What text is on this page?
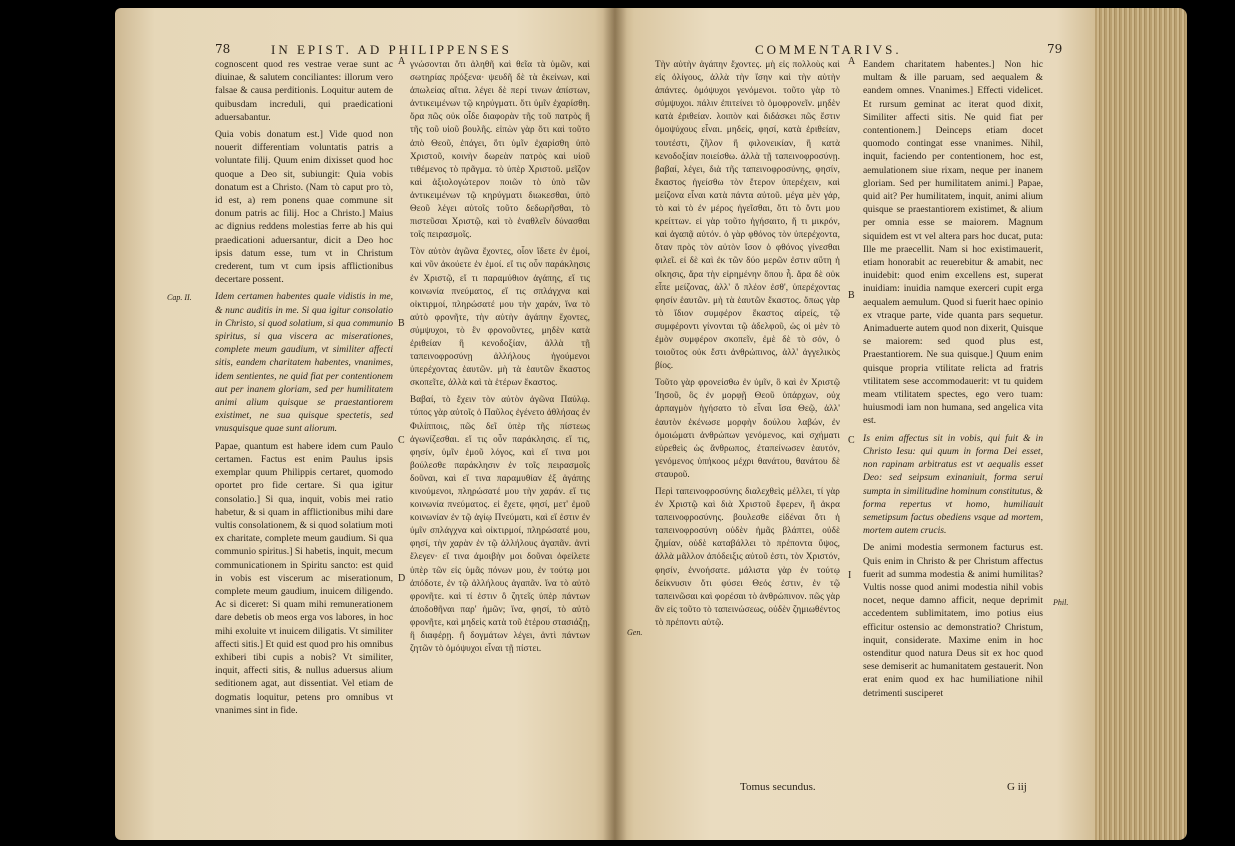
78	IN EPIST. AD PHILIPPENSES

cognoscent quod res vestrae verae sunt ac diuinae, & salutem conciliantes: illorum vero falsae & causa perditionis. Loquitur autem de quibusdam increduli, qui praedicationi aduersabantur.

Quia vobis donatum est.] Vide quod non nouerit differentiam voluntatis patris a voluntate filij. Quum enim dixisset quod hoc quoque a Deo sit, subiungit: Quia vobis donatum est a Christo. (Nam τὸ caput pro τὸ, id est, a) rem ponens quae commune sit donum patris ac filij. Hoc a Christo.] Maius ac dignius reddens molestias ferre ab his qui praedicationi aduersantur, dicit a Deo hoc ipsis datum esse, tum vt in Christum crederent, tum vt cum ipsis afflictionibus decertare possent.

Idem certamen habentes quale vidistis in me, & nunc auditis in me. Si qua igitur consolatio in Christo, si quod solatium, si qua communio spiritus, si qua viscera ac miserationes, complete meum gaudium, vt similiter affecti sitis, eandem charitatem habentes, vnanimes, idem sentientes, ne quid fiat per contentionem aut per inanem gloriam, sed per humilitatem animi alium quisque se praestantiorem existimet, ne sua quisque spectetis, sed vnusquisque quae sunt aliorum.

Papae, quantum est habere idem cum Paulo certamen. Factus est enim Paulus ipsis exemplar quum Philippis certaret, quomodo oportet pro fide certare. Si qua igitur consolatio.] Si qua, inquit, vobis mei ratio habetur, & si quam in afflictionibus mihi dare vultis consolationem, & si quod solatium moti ex charitate, complete meum gaudium. Si qua communio spiritus.] Si habetis, inquit, mecum communicationem in Spiritu sancto: est quid in vobis est viscerum ac miserationum, complete meum gaudium, inuicem diligendo. Ac si diceret: Si quam mihi remunerationem dare debetis ob meos erga vos labores, in hoc mihi exoluite vt inuicem diligatis. Vt similiter affecti sitis.] Et quid est quod pro his omnibus exhiberi tibi cupis a nobis? Vt similiter, inquit, affecti sitis, & nullus aduersus alium seditionem agat, aut dissentiat. Vel etiam de dogmatis loquitur, petens pro omnibus vt vnanimes sint in fide.

γνώσονται ὅτι ἀληθῆ καὶ θεῖα τὰ ὑμῶν, καὶ σωτηρίας πρόξενα· ψευδῆ δὲ τὰ ἐκείνων, καὶ ἀπωλείας αἴτια. λέγει δὲ περί τινων ἀπίστων, ἀντικειμένων τῷ κηρύγματι. ὅτι ὑμῖν ἐχαρίσθη. ὅρα πῶς οὐκ οἶδε διαφορὰν τῆς τοῦ πατρὸς ἢ τῆς τοῦ υἱοῦ βουλῆς. εἰπὼν γὰρ ὅτι καὶ τοῦτο ἀπὸ Θεοῦ, ἐπάγει, ὅτι ὑμῖν ἐχαρίσθη ὑπὸ Χριστοῦ, κοινὴν δωρεὰν πατρὸς καὶ υἱοῦ τιθέμενος τὸ πρᾶγμα. τὸ ὑπὲρ Χριστοῦ. μεῖζον καὶ ἀξιολογώτερον ποιῶν τὸ ὑπὸ τῶν ἀντικειμένων τῷ κηρύγματι διωκεσθαι, ὑπὸ Θεοῦ λέγει αὐτοῖς τοῦτο δεδωρῆσθαι, τὸ πιστεῦσαι Χριστῷ, καὶ τὸ ἐναθλεῖν δύνασθαι τοῖς πειρασμοῖς.

Τὸν αὐτὸν ἀγῶνα ἔχοντες, οἷον ἴδετε ἐν ἐμοί, καὶ νῦν ἀκούετε ἐν ἐμοί. εἴ τις οὖν παράκλησις ἐν Χριστῷ, εἴ τι παραμύθιον ἀγάπης, εἴ τις κοινωνία πνεύματος, εἴ τις σπλάγχνα καὶ οἰκτιρμοί, πληρώσατέ μου τὴν χαράν, ἵνα τὸ αὐτὸ φρονῆτε, τὴν αὐτὴν ἀγάπην ἔχοντες, σύμψυχοι, τὸ ἓν φρονοῦντες, μηδὲν κατὰ ἐριθείαν ἢ κενοδοξίαν, ἀλλὰ τῇ ταπεινοφροσύνῃ ἀλλήλους ἡγούμενοι ὑπερέχοντας ἑαυτῶν. μὴ τὰ ἑαυτῶν ἕκαστος σκοπεῖτε, ἀλλὰ καὶ τὰ ἑτέρων ἕκαστος.

Βαβαί, τὸ ἔχειν τὸν αὐτὸν ἀγῶνα Παύλῳ. τύπος γὰρ αὐτοῖς ὁ Παῦλος ἐγένετο ἀθλήσας ἐν Φιλίπποις, πῶς δεῖ ὑπὲρ τῆς πίστεως ἀγωνίζεσθαι. εἴ τις οὖν παράκλησις. εἴ τις, φησίν, ὑμῖν ἐμοῦ λόγος, καὶ εἴ τινα μοι βούλεσθε παράκλησιν ἐν τοῖς πειρασμοῖς δοῦναι, καὶ εἴ τινα παραμυθίαν ἐξ ἀγάπης κινούμενοι, πληρώσατέ μου τὴν χαράν. εἴ τις κοινωνία πνεύματος. εἰ ἔχετε, φησί, μετ' ἐμοῦ κοινωνίαν ἐν τῷ ἁγίῳ Πνεύματι, καὶ εἴ ἐστιν ἐν ὑμῖν σπλάγχνα καὶ οἰκτιρμοί, πληρώσατέ μου, φησί, τὴν χαρὰν ἐν τῷ ἀλλήλους ἀγαπᾶν. ἀντὶ ἔλεγεν· εἴ τινα ἀμοιβὴν μοι δοῦναι ὀφείλετε ὑπὲρ τῶν εἰς ὑμᾶς πόνων μου, ἐν τούτῳ μοι ἀπόδοτε, ἐν τῷ ἀλλήλους ἀγαπᾶν. ἵνα τὸ αὐτὸ φρονῆτε. καὶ τί ἐστιν ὃ ζητεῖς ὑπὲρ πάντων ἀποδοθῆναι παρ' ἡμῶν; ἵνα, φησί, τὸ αὐτὸ φρονῆτε, καὶ μηδεὶς κατὰ τοῦ ἑτέρου στασιάζῃ, ἢ διαφέρῃ. ἢ δογμάτων λέγει, ἀντὶ πάντων ζητῶν τὸ ὁμόψυχοι εἶναι τῇ πίστει.

A
B
C
D
Cap. II.
COMMENTARIVS.	79

Τὴν αὐτὴν ἀγάπην ἔχοντες. μὴ εἰς πολλοὺς καὶ εἰς ὀλίγους, ἀλλὰ τὴν ἴσην καὶ τὴν αὐτὴν ἀπάντες. ὁμόψυχοι γενόμενοι. τοῦτο γὰρ τὸ σύμψυχοι. πάλιν ἐπιτείνει τὸ ὁμοφρονεῖν. μηδὲν κατὰ ἐριθείαν. λοιπὸν καὶ διδάσκει πῶς ἔστιν ὁμοψύχους εἶναι. μηδείς, φησί, κατὰ ἐριθείαν, τουτέστι, ζῆλον ἢ φιλονεικίαν, ἢ κατὰ κενοδοξίαν ποιείσθω. ἀλλὰ τῇ ταπεινοφροσύνῃ. βαβαί, λέγει, διὰ τῆς ταπεινοφροσύνης, φησίν, ἕκαστος ἡγείσθω τὸν ἕτερον ὑπερέχειν, καὶ μείζονα εἶναι κατὰ πάντα αὐτοῦ. μέγα μὲν γάρ, τὸ καὶ τὸ ἐν μέρος ἡγεῖσθαι, ὅτι τὸ ὄντι μου κρείττων. εἰ γὰρ τοῦτο ἡγήσαιτο, ἤ τι μικρόν, καὶ ἀγαπᾷ αὐτόν. ὁ γὰρ φθόνος τὸν ὑπερέχοντα, ὅταν πρὸς τὸν αὐτὸν ἴσον ὁ φθόνος γίνεσθαι φιλεῖ. εἰ δὲ καὶ ἐκ τῶν δύο μερῶν ἐστιν αὕτη ἡ οἴκησις, ἄρα τὴν εἰρημένην ὅπου ἦ. ἄρα δὲ οὐκ εἶπε μείζονας, ἀλλ' ὅ πλέον ἐσθ', ὑπερέχοντας φησίν ἑαυτῶν. μὴ τὰ ἑαυτῶν ἕκαστος. ὅπως γὰρ τὸ ἴδιον συμφέρον ἕκαστος αἰρείς, τῷ συμφέροντι γίνονται τῷ ἀδελφοῦ, ὡς οἱ μὲν τὸ ἐμὸν συμφέρον σκοπεῖν, ἐμὲ δὲ τὸ σόν, ὁ τοιοῦτος οὐκ ἔστι ἀνθρώπινος, ἀλλ' ἀγγελικὸς βίος.

Τοῦτο γὰρ φρονείσθω ἐν ὑμῖν, ὃ καὶ ἐν Χριστῷ Ἰησοῦ, ὃς ἐν μορφῇ Θεοῦ ὑπάρχων, οὐχ ἁρπαγμὸν ἡγήσατο τὸ εἶναι ἴσα Θεῷ, ἀλλ' ἑαυτὸν ἐκένωσε μορφὴν δούλου λαβών, ἐν ὁμοιώματι ἀνθρώπων γενόμενος, καὶ σχήματι εὑρεθεὶς ὡς ἄνθρωπος, ἐταπείνωσεν ἑαυτόν, γενόμενος ὑπήκοος μέχρι θανάτου, θανάτου δὲ σταυροῦ.

Περὶ ταπεινοφροσύνης διαλεχθεὶς μέλλει, τί γὰρ ἐν Χριστῷ καὶ διὰ Χριστοῦ ἔφερεν, ἢ ἀκρα ταπεινοφροσύνης. βουλεσθε εἰδέναι ὅτι ἡ ταπεινοφροσύνη οὐδὲν ἡμᾶς βλάπτει, οὐδὲ ζημίαν, οὐδὲ καταβάλλει τὸ πρέποντα ὕψος, ἀλλὰ μᾶλλον ἀπόδειξις αὐτοῦ ἐστι, τὸν Χριστόν, φησίν, ἐννοήσατε. μάλιστα γὰρ ἐν τούτῳ δείκνυσιν ὅτι φύσει Θεός ἐστιν, ἐν τῷ ταπεινῶσαι καὶ φορέσαι τὸ ἀνθρώπινον. πῶς γὰρ ἂν εἰς τοῦτο τὸ ταπεινώσεως, οὐδὲν ζημιωθέντος τὸ πρέποντι αὐτῷ.

Eandem charitatem habentes.] Non hic multam & ille paruam, sed aequalem & eandem omnes. Vnanimes.] Effecti videlicet. Et rursum geminat ac iterat quod dixit, Similiter affecti sitis. Ne quid fiat per contentionem.] Deinceps etiam docet quomodo contingat esse vnanimes. Nihil, inquit, faciendo per contentionem, hoc est, aemulationem siue rixam, neque per inanem gloriam. Sed per humilitatem animi.] Papae, quid ait? Per humilitatem, inquit, animi alium quisque se praestantiorem existimet, & alium per omnia esse se maiorem. Magnum siquidem est vt vel altera pars hoc ducat, puta: Ille me praecellit. Nam si hoc existimauerit, etiam honorabit ac reuerebitur & amabit, nec inuidebit: quod enim excellens est, superat inuidiam: inuidia namque exerceri cupit erga aequalem aemulum. Quod si fuerit haec opinio ex vtraque parte, vide quanta pars sequetur. Animaduerte autem quod non dixerit, Quisque se maiorem: sed quod plus est, Praestantiorem. Ne sua quisque.] Quum enim quisque propria vtilitate relicta ad fratris vtilitatem sese accommodauerit: vt tu quidem meam vtilitatem spectes, ego vero tuam: huiusmodi iam non humana, sed angelica vita est.

Is enim affectus sit in vobis, qui fuit & in Christo Iesu: qui quum in forma Dei esset, non rapinam arbitratus est vt aequalis esset Deo: sed seipsum exinaniuit, forma serui sumpta in similitudine hominum constitutus, & forma repertus vt homo, humiliauit semetipsum factus obediens vsque ad mortem, mortem autem crucis.

De animi modestia sermonem facturus est. Quis enim in Christo & per Christum affectus fuerit ad summa modestia & animi humilitas? Vultis nosse quod animi modestia nihil vobis nocet, neque damno afficit, neque deprimit accedentem sublimitatem, imo potius eius efficitur ostensio ac demonstratio? Christum, inquit, considerate. Maxime enim in hoc ostenditur quod natura Deus sit ex hoc quod sese demiserit ac humanitatem gestauerit. Non erat enim quod ex hac humiliatione nihil detrimenti susciperet

A
B
C
I
Gen.
Phil.
Tomus secundus.	G iij
